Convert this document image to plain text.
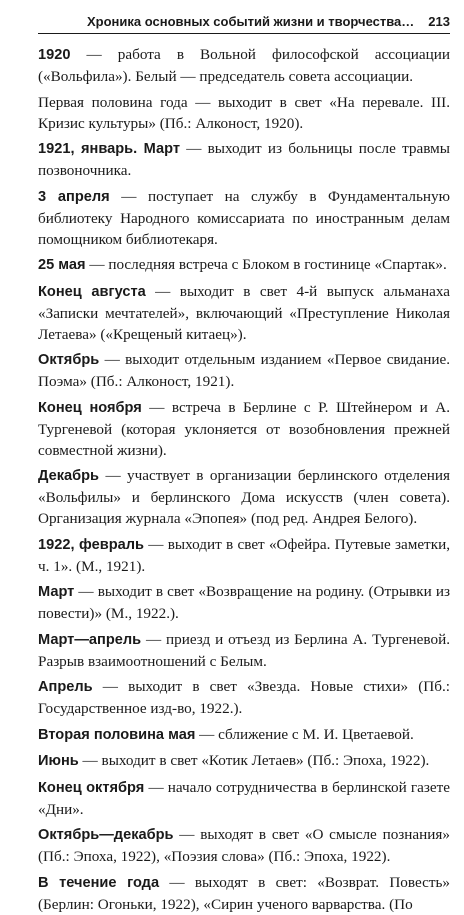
Хроника основных событий жизни и творчества… 213

1920 — работа в Вольной философской ассоциации («Вольфила»). Белый — председатель совета ассоциации.

Первая половина года — выходит в свет «На перевале. III. Кризис культуры» (Пб.: Алконост, 1920).

1921, январь. Март — выходит из больницы после травмы позвоночника.

3 апреля — поступает на службу в Фундаментальную библиотеку Народного комиссариата по иностранным делам помощником библиотекаря.

25 мая — последняя встреча с Блоком в гостинице «Спартак».

Конец августа — выходит в свет 4-й выпуск альманаха «Записки мечтателей», включающий «Преступление Николая Летаева» («Крещеный китаец»).

Октябрь — выходит отдельным изданием «Первое свидание. Поэма» (Пб.: Алконост, 1921).

Конец ноября — встреча в Берлине с Р. Штейнером и А. Тургеневой (которая уклоняется от возобновления прежней совместной жизни).

Декабрь — участвует в организации берлинского отделения «Вольфилы» и берлинского Дома искусств (член совета). Организация журнала «Эпопея» (под ред. Андрея Белого).

1922, февраль — выходит в свет «Офейра. Путевые заметки, ч. 1». (М., 1921).

Март — выходит в свет «Возвращение на родину. (Отрывки из повести)» (М., 1922.).

Март—апрель — приезд и отъезд из Берлина А. Тургеневой. Разрыв взаимоотношений с Белым.

Апрель — выходит в свет «Звезда. Новые стихи» (Пб.: Государственное изд-во, 1922.).

Вторая половина мая — сближение с М. И. Цветаевой.

Июнь — выходит в свет «Котик Летаев» (Пб.: Эпоха, 1922).

Конец октября — начало сотрудничества в берлинской газете «Дни».

Октябрь—декабрь — выходят в свет «О смысле познания» (Пб.: Эпоха, 1922), «Поэзия слова» (Пб.: Эпоха, 1922).

В течение года — выходят в свет: «Возврат. Повесть» (Берлин: Огоньки, 1922), «Сирин ученого варварства. (По
